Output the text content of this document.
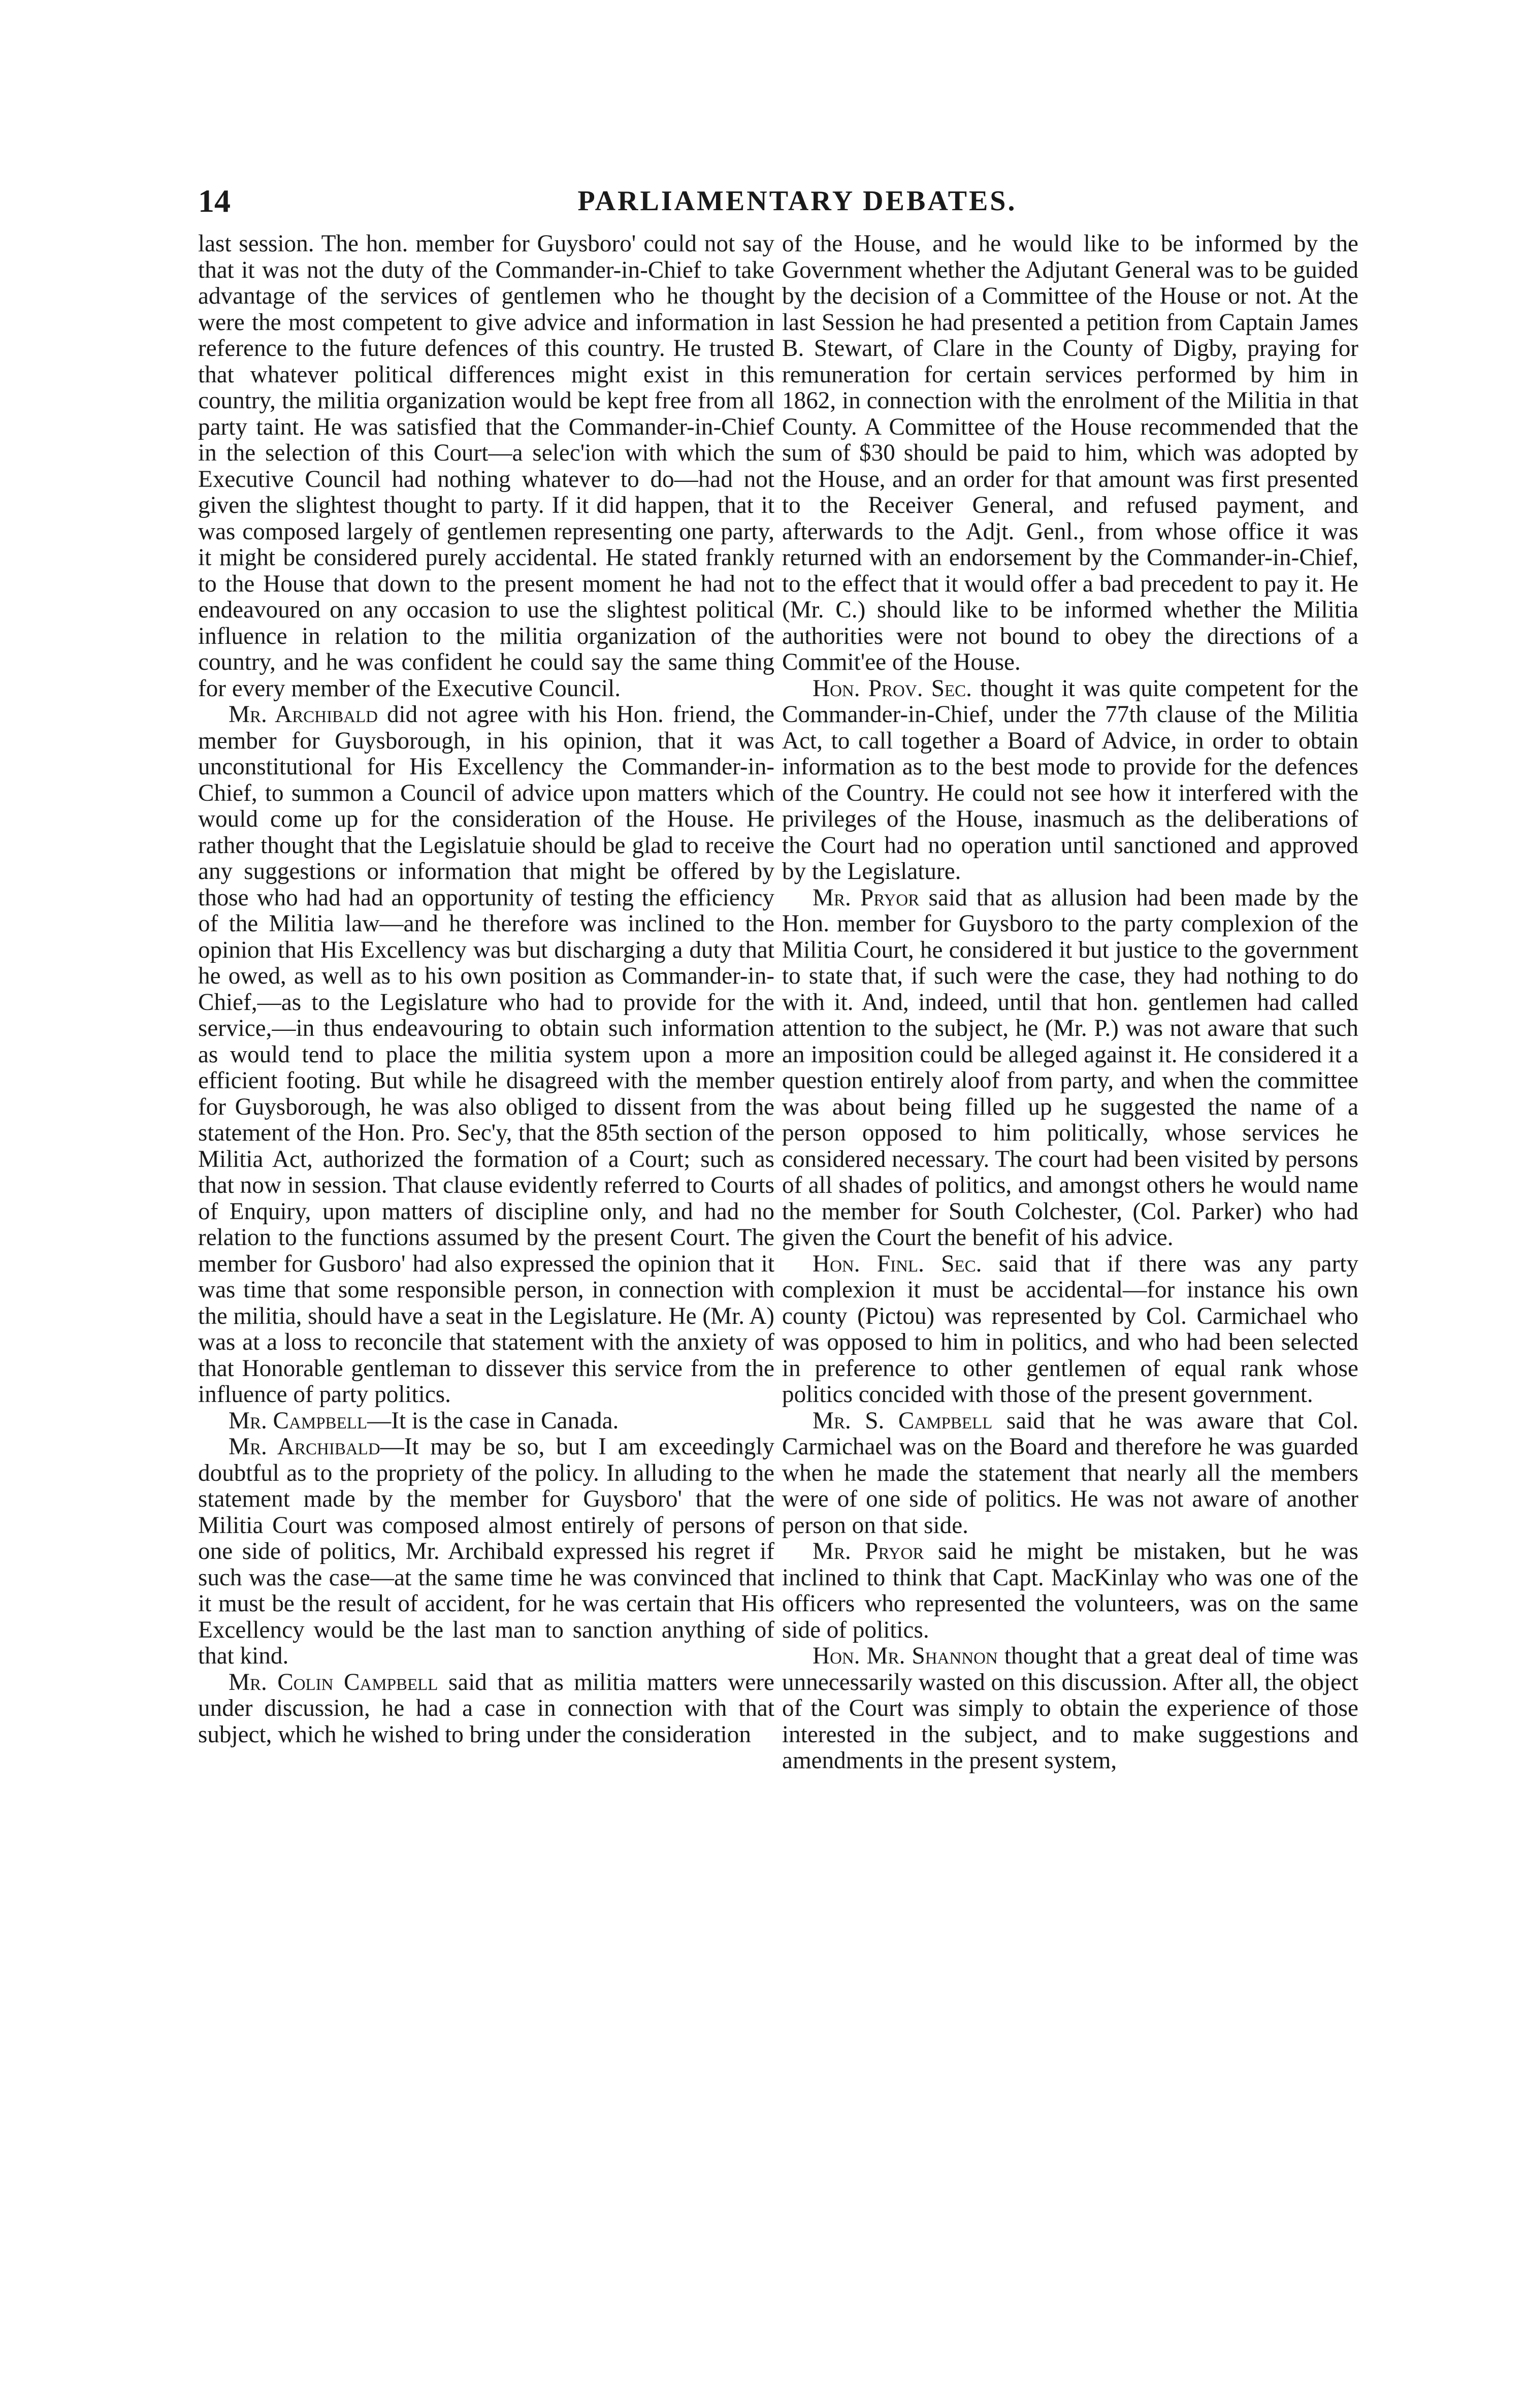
14	PARLIAMENTARY DEBATES.

last session. The hon. member for Guysboro' could not say that it was not the duty of the Commander-in-Chief to take advantage of the services of gentlemen who he thought were the most competent to give advice and information in reference to the future defences of this country. He trusted that whatever political differences might exist in this country, the militia organization would be kept free from all party taint. He was satisfied that the Commander-in-Chief in the selection of this Court—a selec'ion with which the Executive Council had nothing whatever to do—had not given the slightest thought to party. If it did happen, that it was composed largely of gentlemen representing one party, it might be considered purely accidental. He stated frankly to the House that down to the present moment he had not endeavoured on any occasion to use the slightest political influence in relation to the militia organization of the country, and he was confident he could say the same thing for every member of the Executive Council.

Mr. Archibald did not agree with his Hon. friend, the member for Guysborough, in his opinion, that it was unconstitutional for His Excellency the Commander-in-Chief, to summon a Council of advice upon matters which would come up for the consideration of the House. He rather thought that the Legislatuie should be glad to receive any suggestions or information that might be offered by those who had had an opportunity of testing the efficiency of the Militia law—and he therefore was inclined to the opinion that His Excellency was but discharging a duty that he owed, as well as to his own position as Commander-in-Chief,—as to the Legislature who had to provide for the service,—in thus endeavouring to obtain such information as would tend to place the militia system upon a more efficient footing. But while he disagreed with the member for Guysborough, he was also obliged to dissent from the statement of the Hon. Pro. Sec'y, that the 85th section of the Militia Act, authorized the formation of a Court; such as that now in session. That clause evidently referred to Courts of Enquiry, upon matters of discipline only, and had no relation to the functions assumed by the present Court. The member for Gusboro' had also expressed the opinion that it was time that some responsible person, in connection with the militia, should have a seat in the Legislature. He (Mr. A) was at a loss to reconcile that statement with the anxiety of that Honorable gentleman to dissever this service from the influence of party politics.

Mr. Campbell—It is the case in Canada.

Mr. Archibald—It may be so, but I am exceedingly doubtful as to the propriety of the policy. In alluding to the statement made by the member for Guysboro' that the Militia Court was composed almost entirely of persons of one side of politics, Mr. Archibald expressed his regret if such was the case—at the same time he was convinced that it must be the result of accident, for he was certain that His Excellency would be the last man to sanction anything of that kind.

Mr. Colin Campbell said that as militia matters were under discussion, he had a case in connection with that subject, which he wished to bring under the consideration

of the House, and he would like to be informed by the Government whether the Adjutant General was to be guided by the decision of a Committee of the House or not. At the last Session he had presented a petition from Captain James B. Stewart, of Clare in the County of Digby, praying for remuneration for certain services performed by him in 1862, in connection with the enrolment of the Militia in that County. A Committee of the House recommended that the sum of $30 should be paid to him, which was adopted by the House, and an order for that amount was first presented to the Receiver General, and refused payment, and afterwards to the Adjt. Genl., from whose office it was returned with an endorsement by the Commander-in-Chief, to the effect that it would offer a bad precedent to pay it. He (Mr. C.) should like to be informed whether the Militia authorities were not bound to obey the directions of a Commit'ee of the House.

Hon. Prov. Sec. thought it was quite competent for the Commander-in-Chief, under the 77th clause of the Militia Act, to call together a Board of Advice, in order to obtain information as to the best mode to provide for the defences of the Country. He could not see how it interfered with the privileges of the House, inasmuch as the deliberations of the Court had no operation until sanctioned and approved by the Legislature.

Mr. Pryor said that as allusion had been made by the Hon. member for Guysboro to the party complexion of the Militia Court, he considered it but justice to the government to state that, if such were the case, they had nothing to do with it. And, indeed, until that hon. gentlemen had called attention to the subject, he (Mr. P.) was not aware that such an imposition could be alleged against it. He considered it a question entirely aloof from party, and when the committee was about being filled up he suggested the name of a person opposed to him politically, whose services he considered necessary. The court had been visited by persons of all shades of politics, and amongst others he would name the member for South Colchester, (Col. Parker) who had given the Court the benefit of his advice.

Hon. Finl. Sec. said that if there was any party complexion it must be accidental—for instance his own county (Pictou) was represented by Col. Carmichael who was opposed to him in politics, and who had been selected in preference to other gentlemen of equal rank whose politics concided with those of the present government.

Mr. S. Campbell said that he was aware that Col. Carmichael was on the Board and therefore he was guarded when he made the statement that nearly all the members were of one side of politics. He was not aware of another person on that side.

Mr. Pryor said he might be mistaken, but he was inclined to think that Capt. MacKinlay who was one of the officers who represented the volunteers, was on the same side of politics.

Hon. Mr. Shannon thought that a great deal of time was unnecessarily wasted on this discussion. After all, the object of the Court was simply to obtain the experience of those interested in the subject, and to make suggestions and amendments in the present system,
